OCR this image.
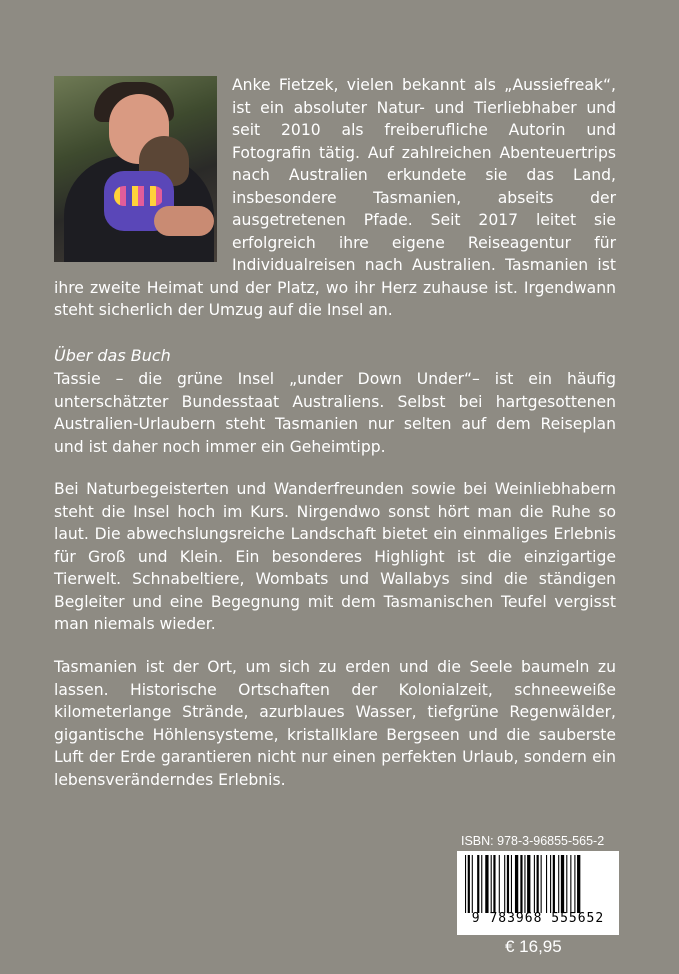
Anke Fietzek, vielen bekannt als „Aussiefreak“, ist ein absoluter Natur- und Tierliebhaber und seit 2010 als freiberufliche Autorin und Fotografin tätig. Auf zahlreichen Abenteuertrips nach Australien erkundete sie das Land, insbesondere Tasmanien, abseits der ausgetretenen Pfade. Seit 2017 leitet sie erfolgreich ihre eigene Reiseagentur für Individualreisen nach Australien. Tasmanien ist ihre zweite Heimat und der Platz, wo ihr Herz zuhause ist. Irgendwann steht sicherlich der Umzug auf die Insel an.
Über das Buch
Tassie – die grüne Insel „under Down Under“– ist ein häufig unterschätzter Bundesstaat Australiens. Selbst bei hartgesottenen Australien-Urlaubern steht Tasmanien nur selten auf dem Reiseplan und ist daher noch immer ein Geheimtipp.
Bei Naturbegeisterten und Wanderfreunden sowie bei Weinliebhabern steht die Insel hoch im Kurs. Nirgendwo sonst hört man die Ruhe so laut. Die abwechslungsreiche Landschaft bietet ein einmaliges Erlebnis für Groß und Klein. Ein besonderes Highlight ist die einzigartige Tierwelt. Schnabeltiere, Wombats und Wallabys sind die ständigen Begleiter und eine Begegnung mit dem Tasmanischen Teufel vergisst man niemals wieder.
Tasmanien ist der Ort, um sich zu erden und die Seele baumeln zu lassen. Historische Ortschaften der Kolonialzeit, schneeweiße kilometerlange Strände, azurblaues Wasser, tiefgrüne Regenwälder, gigantische Höhlensysteme, kristallklare Bergseen und die sauberste Luft der Erde garantieren nicht nur einen perfekten Urlaub, sondern ein lebensveränderndes Erlebnis.
ISBN: 978-3-96855-565-2
9 783968 555652
€ 16,95
